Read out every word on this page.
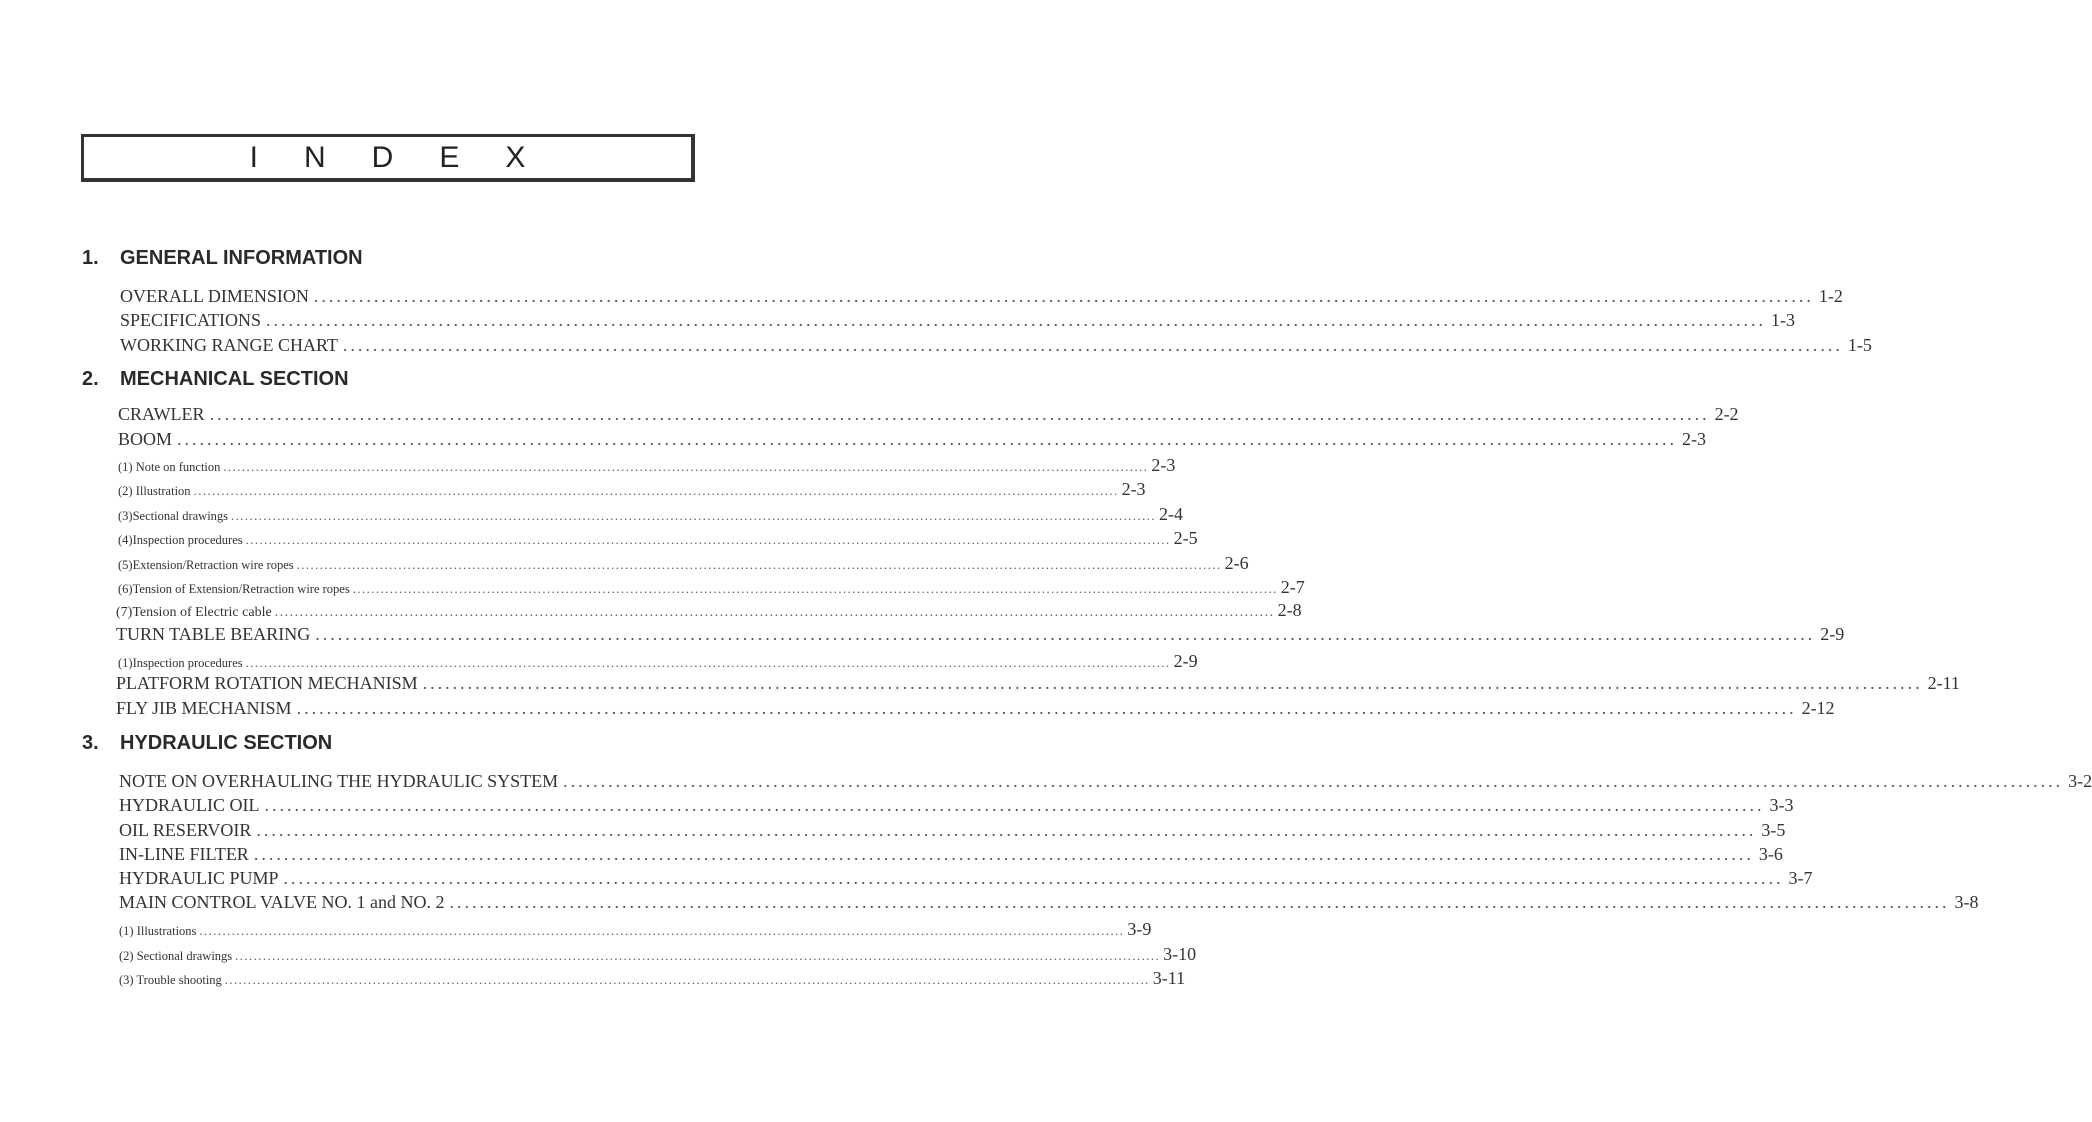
INDEX
1.	GENERAL INFORMATION
OVERALL DIMENSION ........................................................................................................................................................................................................ 1-2
SPECIFICATIONS ........................................................................................................................................................................................................ 1-3
WORKING RANGE CHART ........................................................................................................................................................................................................ 1-5
2.	MECHANICAL SECTION
CRAWLER ........................................................................................................................................................................................................ 2-2
BOOM ........................................................................................................................................................................................................ 2-3
(1) Note on function ........................................................................................................................................................................................................ 2-3
(2) Illustration ........................................................................................................................................................................................................ 2-3
(3)Sectional drawings ........................................................................................................................................................................................................ 2-4
(4)Inspection procedures ........................................................................................................................................................................................................ 2-5
(5)Extension/Retraction wire ropes ........................................................................................................................................................................................................ 2-6
(6)Tension of Extension/Retraction wire ropes ........................................................................................................................................................................................................ 2-7
(7)Tension of Electric cable ........................................................................................................................................................................................................ 2-8
TURN TABLE BEARING ........................................................................................................................................................................................................ 2-9
(1)Inspection procedures ........................................................................................................................................................................................................ 2-9
PLATFORM ROTATION MECHANISM ........................................................................................................................................................................................................ 2-11
FLY JIB MECHANISM ........................................................................................................................................................................................................ 2-12
3.	HYDRAULIC SECTION
NOTE ON OVERHAULING THE HYDRAULIC SYSTEM ........................................................................................................................................................................................................ 3-2
HYDRAULIC OIL ........................................................................................................................................................................................................ 3-3
OIL RESERVOIR ........................................................................................................................................................................................................ 3-5
IN-LINE FILTER ........................................................................................................................................................................................................ 3-6
HYDRAULIC PUMP ........................................................................................................................................................................................................ 3-7
MAIN CONTROL VALVE NO. 1 and NO. 2 ........................................................................................................................................................................................................ 3-8
(1) Illustrations ........................................................................................................................................................................................................ 3-9
(2) Sectional drawings ........................................................................................................................................................................................................ 3-10
(3) Trouble shooting ........................................................................................................................................................................................................ 3-11
